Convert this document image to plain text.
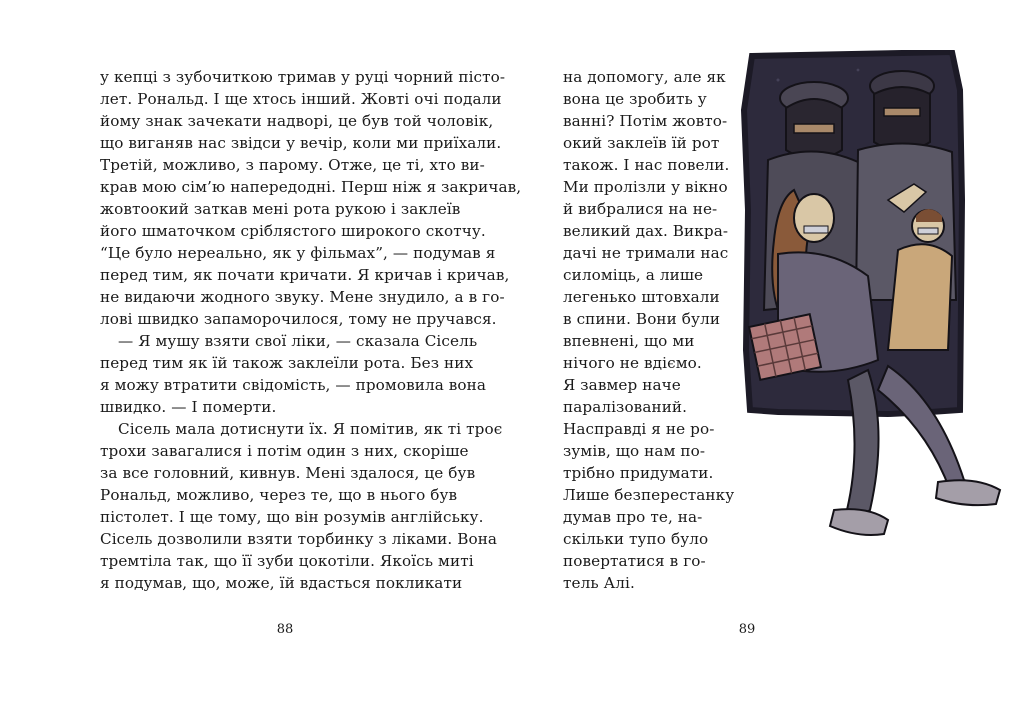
у кепці з зубочиткою тримав у руці чорний пісто-
лет. Рональд. І ще хтось інший. Жовті очі подали
йому знак зачекати надворі, це був той чоловік,
що виганяв нас звідси у вечір, коли ми приїхали.
Третій, можливо, з парому. Отже, це ті, хто ви-
крав мою сім’ю напередодні. Перш ніж я закричав,
жовтоокий заткав мені рота рукою і заклеїв
його шматочком сріблястого широкого скотчу.
“Це було нереально, як у фільмах”, — подумав я
перед тим, як почати кричати. Я кричав і кричав,
не видаючи жодного звуку. Мене знудило, а в го-
лові швидко запаморочилося, тому не пручався.
— Я мушу взяти свої ліки, — сказала Сісель
перед тим як їй також заклеїли рота. Без них
я можу втратити свідомість, — промовила вона
швидко. — І померти.
Сісель мала дотиснути їх. Я помітив, як ті троє
трохи завагалися і потім один з них, скоріше
за все головний, кивнув. Мені здалося, це був
Рональд, можливо, через те, що в нього був
пістолет. І ще тому, що він розумів англійську.
Сісель дозволили взяти торбинку з ліками. Вона
тремтіла так, що її зуби цокотіли. Якоїсь миті
я подумав, що, може, їй вдасться покликати
на допомогу, але як
вона це зробить у
ванні? Потім жовто-
окий заклеїв їй рот
також. І нас повели.
Ми пролізли у вікно
й вибралися на не-
великий дах. Викра-
дачі не тримали нас
силоміць, а лише
легенько штовхали
в спини. Вони були
впевнені, що ми
нічого не вдіємо.
Я завмер наче
паралізований.
Насправді я не ро-
зумів, що нам по-
трібно придумати.
Лише безперестанку
думав про те, на-
скільки тупо було
повертатися в го-
тель Алі.
88	89
